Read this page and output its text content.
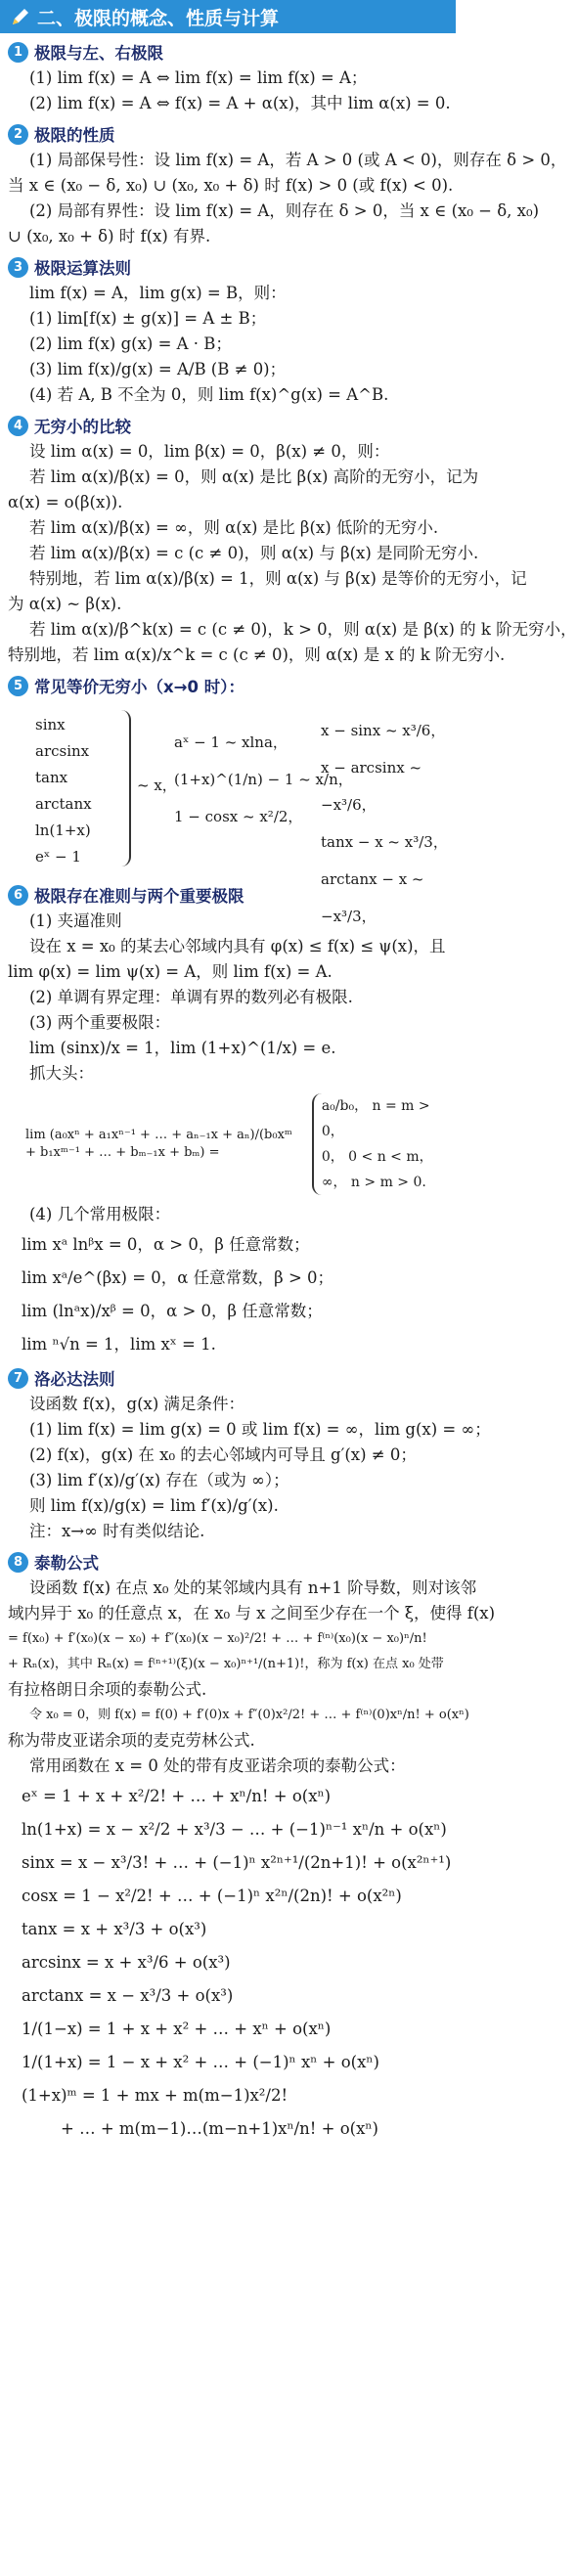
二、极限的概念、性质与计算
1 极限与左、右极限
(1) lim f(x) = A ⇔ lim f(x) = lim f(x) = A；
(2) lim f(x) = A ⇔ f(x) = A + α(x)，其中 lim α(x) = 0.
2 极限的性质
(1) 局部保号性：设 lim f(x) = A，若 A > 0 (或 A < 0)，则存在 δ > 0，
当 x ∈ (x₀ − δ, x₀) ∪ (x₀, x₀ + δ) 时 f(x) > 0 (或 f(x) < 0).
(2) 局部有界性：设 lim f(x) = A，则存在 δ > 0，当 x ∈ (x₀ − δ, x₀)
∪ (x₀, x₀ + δ) 时 f(x) 有界.
3 极限运算法则
lim f(x) = A，lim g(x) = B，则：
(1) lim[f(x) ± g(x)] = A ± B；
(2) lim f(x) g(x) = A · B；
(3) lim f(x)/g(x) = A/B (B ≠ 0)；
(4) 若 A, B 不全为 0，则 lim f(x)^g(x) = A^B.
4 无穷小的比较
设 lim α(x) = 0，lim β(x) = 0，β(x) ≠ 0，则：
若 lim α(x)/β(x) = 0，则 α(x) 是比 β(x) 高阶的无穷小，记为
α(x) = o(β(x)).
若 lim α(x)/β(x) = ∞，则 α(x) 是比 β(x) 低阶的无穷小.
若 lim α(x)/β(x) = c (c ≠ 0)，则 α(x) 与 β(x) 是同阶无穷小.
特别地，若 lim α(x)/β(x) = 1，则 α(x) 与 β(x) 是等价的无穷小，记
为 α(x) ~ β(x).
若 lim α(x)/β^k(x) = c (c ≠ 0)，k > 0，则 α(x) 是 β(x) 的 k 阶无穷小，
特别地，若 lim α(x)/x^k = c (c ≠ 0)，则 α(x) 是 x 的 k 阶无穷小.
5 常见等价无穷小（x→0 时）：
sinx
arcsinx
tanx
arctanx
ln(1+x)
eˣ − 1
~ x，
aˣ − 1 ~ xlna，
(1+x)^(1/n) − 1 ~ x/n，
1 − cosx ~ x²/2，
x − sinx ~ x³/6，
x − arcsinx ~ −x³/6，
tanx − x ~ x³/3，
arctanx − x ~ −x³/3，
6 极限存在准则与两个重要极限
(1) 夹逼准则
设在 x = x₀ 的某去心邻域内具有 φ(x) ≤ f(x) ≤ ψ(x)，且
lim φ(x) = lim ψ(x) = A，则 lim f(x) = A.
(2) 单调有界定理：单调有界的数列必有极限.
(3) 两个重要极限：
lim (sinx)/x = 1，lim (1+x)^(1/x) = e.
抓大头：
lim (a₀xⁿ + a₁xⁿ⁻¹ + … + aₙ₋₁x + aₙ)/(b₀xᵐ + b₁xᵐ⁻¹ + … + bₘ₋₁x + bₘ) =
a₀/b₀， n = m > 0，
0， 0 < n < m，
∞， n > m > 0.
(4) 几个常用极限：
lim xᵃ lnᵝx = 0，α > 0，β 任意常数；
lim xᵃ/e^(βx) = 0，α 任意常数，β > 0；
lim (lnᵃx)/xᵝ = 0，α > 0，β 任意常数；
lim ⁿ√n = 1，lim xˣ = 1.
7 洛必达法则
设函数 f(x)，g(x) 满足条件：
(1) lim f(x) = lim g(x) = 0 或 lim f(x) = ∞，lim g(x) = ∞；
(2) f(x)，g(x) 在 x₀ 的去心邻域内可导且 g′(x) ≠ 0；
(3) lim f′(x)/g′(x) 存在（或为 ∞）；
则 lim f(x)/g(x) = lim f′(x)/g′(x).
注：x→∞ 时有类似结论.
8 泰勒公式
设函数 f(x) 在点 x₀ 处的某邻域内具有 n+1 阶导数，则对该邻
域内异于 x₀ 的任意点 x，在 x₀ 与 x 之间至少存在一个 ξ，使得 f(x)
= f(x₀) + f′(x₀)(x − x₀) + f″(x₀)(x − x₀)²/2! + … + f⁽ⁿ⁾(x₀)(x − x₀)ⁿ/n!
+ Rₙ(x)，其中 Rₙ(x) = f⁽ⁿ⁺¹⁾(ξ)(x − x₀)ⁿ⁺¹/(n+1)!，称为 f(x) 在点 x₀ 处带
有拉格朗日余项的泰勒公式.
令 x₀ = 0，则 f(x) = f(0) + f′(0)x + f″(0)x²/2! + … + f⁽ⁿ⁾(0)xⁿ/n! + o(xⁿ)
称为带皮亚诺余项的麦克劳林公式.
常用函数在 x = 0 处的带有皮亚诺余项的泰勒公式：
eˣ = 1 + x + x²/2! + … + xⁿ/n! + o(xⁿ)
ln(1+x) = x − x²/2 + x³/3 − … + (−1)ⁿ⁻¹ xⁿ/n + o(xⁿ)
sinx = x − x³/3! + … + (−1)ⁿ x²ⁿ⁺¹/(2n+1)! + o(x²ⁿ⁺¹)
cosx = 1 − x²/2! + … + (−1)ⁿ x²ⁿ/(2n)! + o(x²ⁿ)
tanx = x + x³/3 + o(x³)
arcsinx = x + x³/6 + o(x³)
arctanx = x − x³/3 + o(x³)
1/(1−x) = 1 + x + x² + … + xⁿ + o(xⁿ)
1/(1+x) = 1 − x + x² + … + (−1)ⁿ xⁿ + o(xⁿ)
(1+x)ᵐ = 1 + mx + m(m−1)x²/2!
+ … + m(m−1)…(m−n+1)xⁿ/n! + o(xⁿ)
